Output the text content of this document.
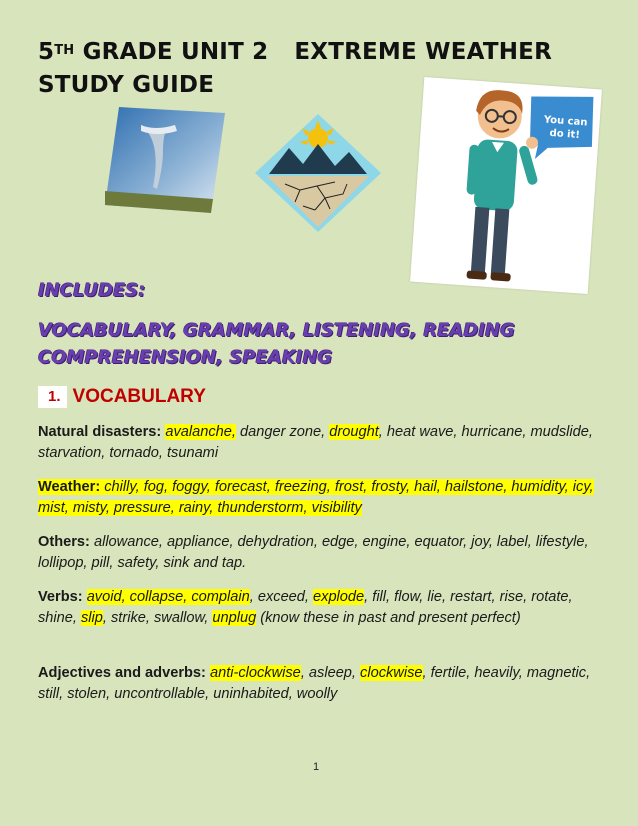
5TH GRADE UNIT 2 EXTREME WEATHER
STUDY GUIDE
You can do it!
INCLUDES:
VOCABULARY, GRAMMAR, LISTENING, READING COMPREHENSION, SPEAKING
1. VOCABULARY
Natural disasters: avalanche, danger zone, drought, heat wave, hurricane, mudslide, starvation, tornado, tsunami
Weather: chilly, fog, foggy, forecast, freezing, frost, frosty, hail, hailstone, humidity, icy, mist, misty, pressure, rainy, thunderstorm, visibility
Others: allowance, appliance, dehydration, edge, engine, equator, joy, label, lifestyle, lollipop, pill, safety, sink and tap.
Verbs: avoid, collapse, complain, exceed, explode, fill, flow, lie, restart, rise, rotate, shine, slip, strike, swallow, unplug (know these in past and present perfect)
Adjectives and adverbs: anti-clockwise, asleep, clockwise, fertile, heavily, magnetic, still, stolen, uncontrollable, uninhabited, woolly
1
